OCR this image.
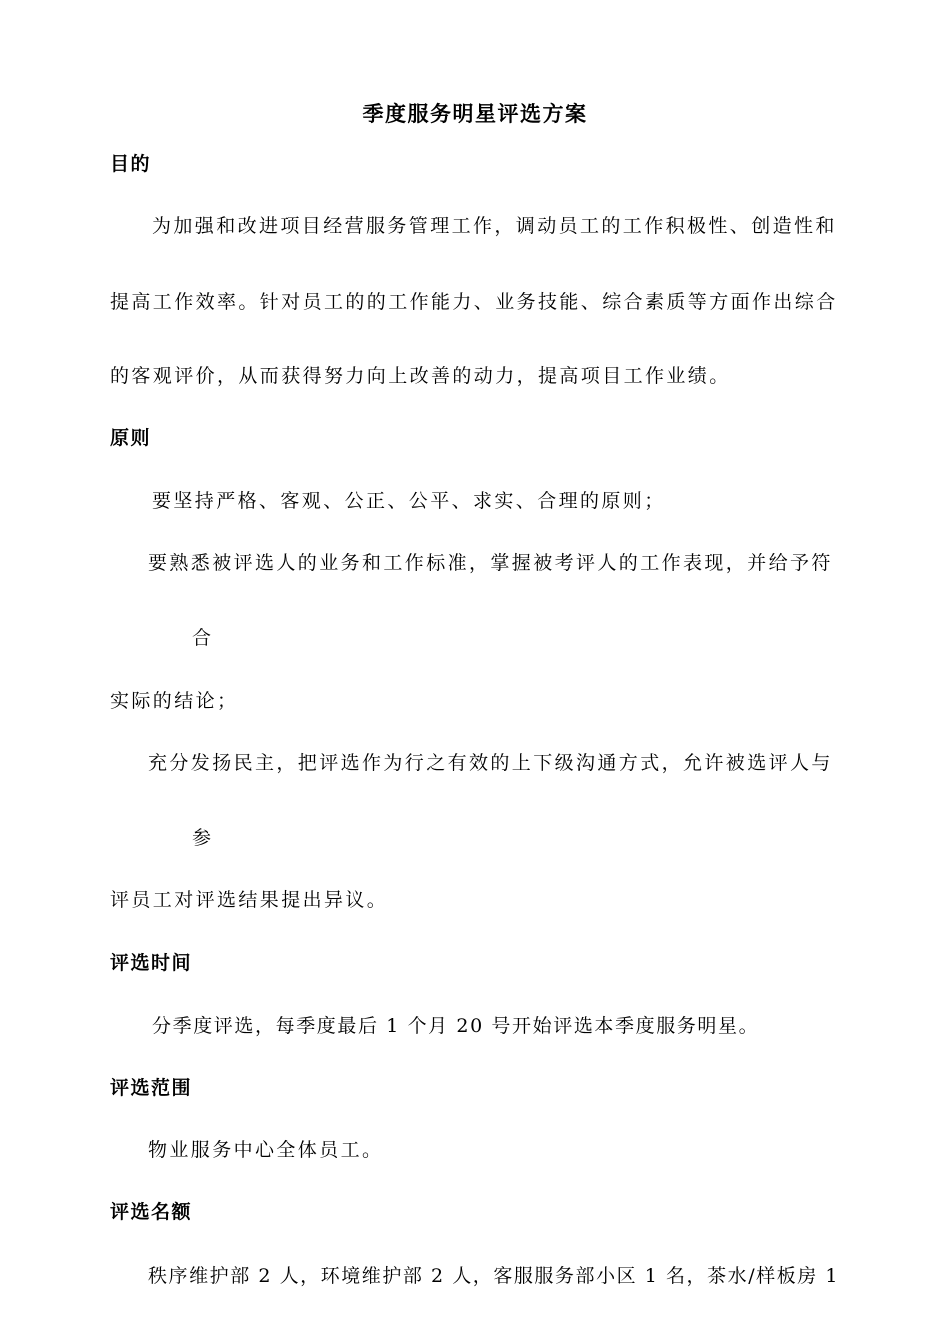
季度服务明星评选方案
目的
为加强和改进项目经营服务管理工作，调动员工的工作积极性、创造性和
提高工作效率。针对员工的的工作能力、业务技能、综合素质等方面作出综合
的客观评价，从而获得努力向上改善的动力，提高项目工作业绩。
原则
要坚持严格、客观、公正、公平、求实、合理的原则；
要熟悉被评选人的业务和工作标准，掌握被考评人的工作表现，并给予符
合
实际的结论；
充分发扬民主，把评选作为行之有效的上下级沟通方式，允许被选评人与
参
评员工对评选结果提出异议。
评选时间
分季度评选，每季度最后 1 个月 20 号开始评选本季度服务明星。
评选范围
物业服务中心全体员工。
评选名额
秩序维护部 2 人，环境维护部 2 人，客服服务部小区 1 名，茶水/样板房 1
